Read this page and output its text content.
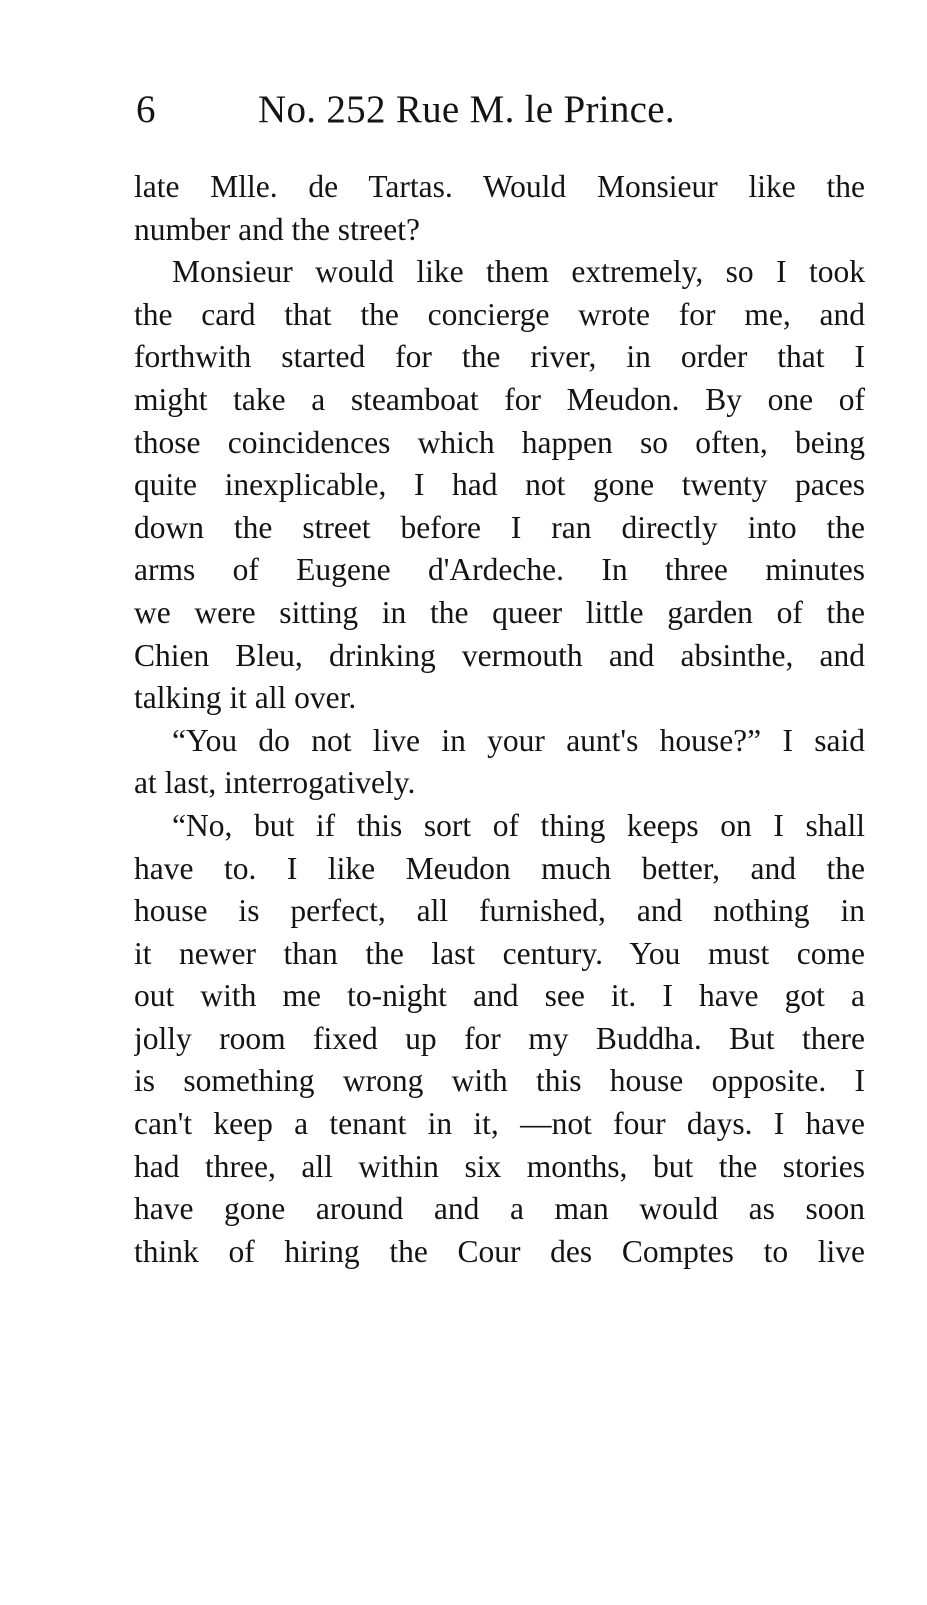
6	No. 252 Rue M. le Prince.
late Mlle. de Tartas. Would Monsieur like the
number and the street?
Monsieur would like them extremely, so I took
the card that the concierge wrote for me, and
forthwith started for the river, in order that I
might take a steamboat for Meudon. By one of
those coincidences which happen so often, being
quite inexplicable, I had not gone twenty paces
down the street before I ran directly into the
arms of Eugene d'Ardeche. In three minutes
we were sitting in the queer little garden of the
Chien Bleu, drinking vermouth and absinthe, and
talking it all over.
“You do not live in your aunt's house?” I said
at last, interrogatively.
“No, but if this sort of thing keeps on I shall
have to. I like Meudon much better, and the
house is perfect, all furnished, and nothing in
it newer than the last century. You must come
out with me to-night and see it. I have got a
jolly room fixed up for my Buddha. But there
is something wrong with this house opposite. I
can't keep a tenant in it, —not four days. I have
had three, all within six months, but the stories
have gone around and a man would as soon
think of hiring the Cour des Comptes to live
